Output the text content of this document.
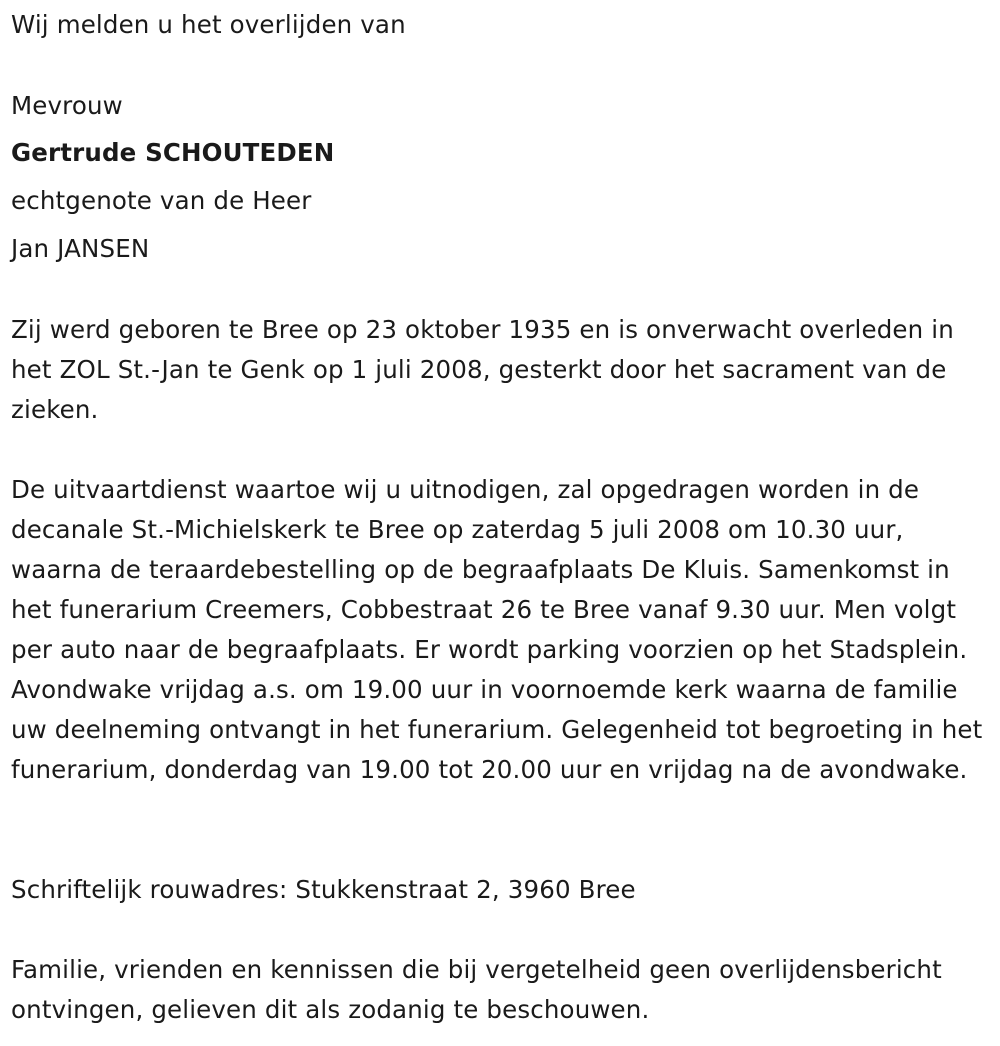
Wij melden u het overlijden van
Mevrouw
Gertrude SCHOUTEDEN
echtgenote van de Heer
Jan JANSEN

Zij werd geboren te Bree op 23 oktober 1935 en is onverwacht overleden in het ZOL St.-Jan te Genk op 1 juli 2008, gesterkt door het sacrament van de zieken.

De uitvaartdienst waartoe wij u uitnodigen, zal opgedragen worden in de decanale St.-Michielskerk te Bree op zaterdag 5 juli 2008 om 10.30 uur, waarna de teraardebestelling op de begraafplaats De Kluis. Samenkomst in het funerarium Creemers, Cobbestraat 26 te Bree vanaf 9.30 uur. Men volgt per auto naar de begraafplaats. Er wordt parking voorzien op het Stadsplein. Avondwake vrijdag a.s. om 19.00 uur in voornoemde kerk waarna de familie uw deelneming ontvangt in het funerarium. Gelegenheid tot begroeting in het funerarium, donderdag van 19.00 tot 20.00 uur en vrijdag na de avondwake.

Schriftelijk rouwadres: Stukkenstraat 2, 3960 Bree

Familie, vrienden en kennissen die bij vergetelheid geen overlijdensbericht ontvingen, gelieven dit als zodanig te beschouwen.
